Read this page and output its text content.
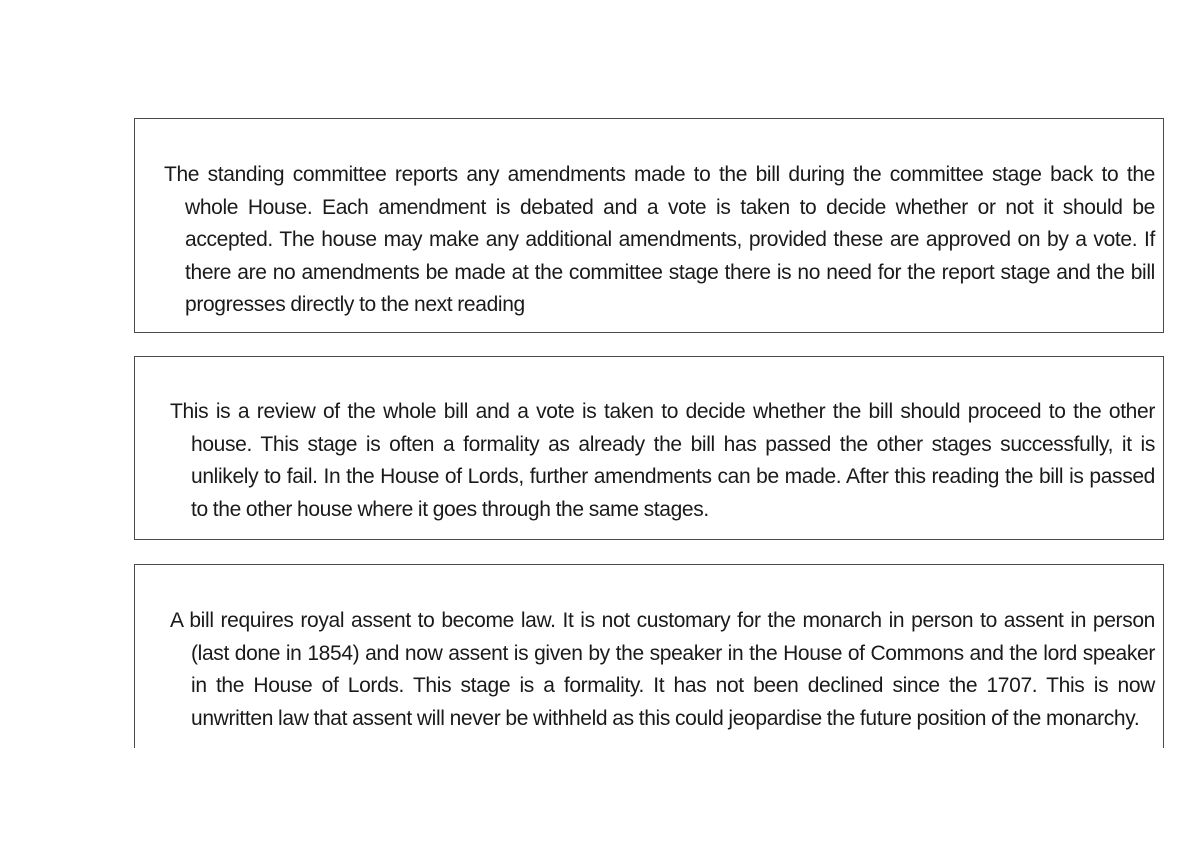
The standing committee reports any amendments made to the bill during the committee stage back to the whole House. Each amendment is debated and a vote is taken to decide whether or not it should be accepted. The house may make any additional amendments, provided these are approved on by a vote. If there are no amendments be made at the committee stage there is no need for the report stage and the bill progresses directly to the next reading

This is a review of the whole bill and a vote is taken to decide whether the bill should proceed to the other house. This stage is often a formality as already the bill has passed the other stages successfully, it is unlikely to fail. In the House of Lords, further amendments can be made. After this reading the bill is passed to the other house where it goes through the same stages.

A bill requires royal assent to become law. It is not customary for the monarch in person to assent in person (last done in 1854) and now assent is given by the speaker in the House of Commons and the lord speaker in the House of Lords. This stage is a formality. It has not been declined since the 1707. This is now unwritten law that assent will never be withheld as this could jeopardise the future position of the monarchy.
